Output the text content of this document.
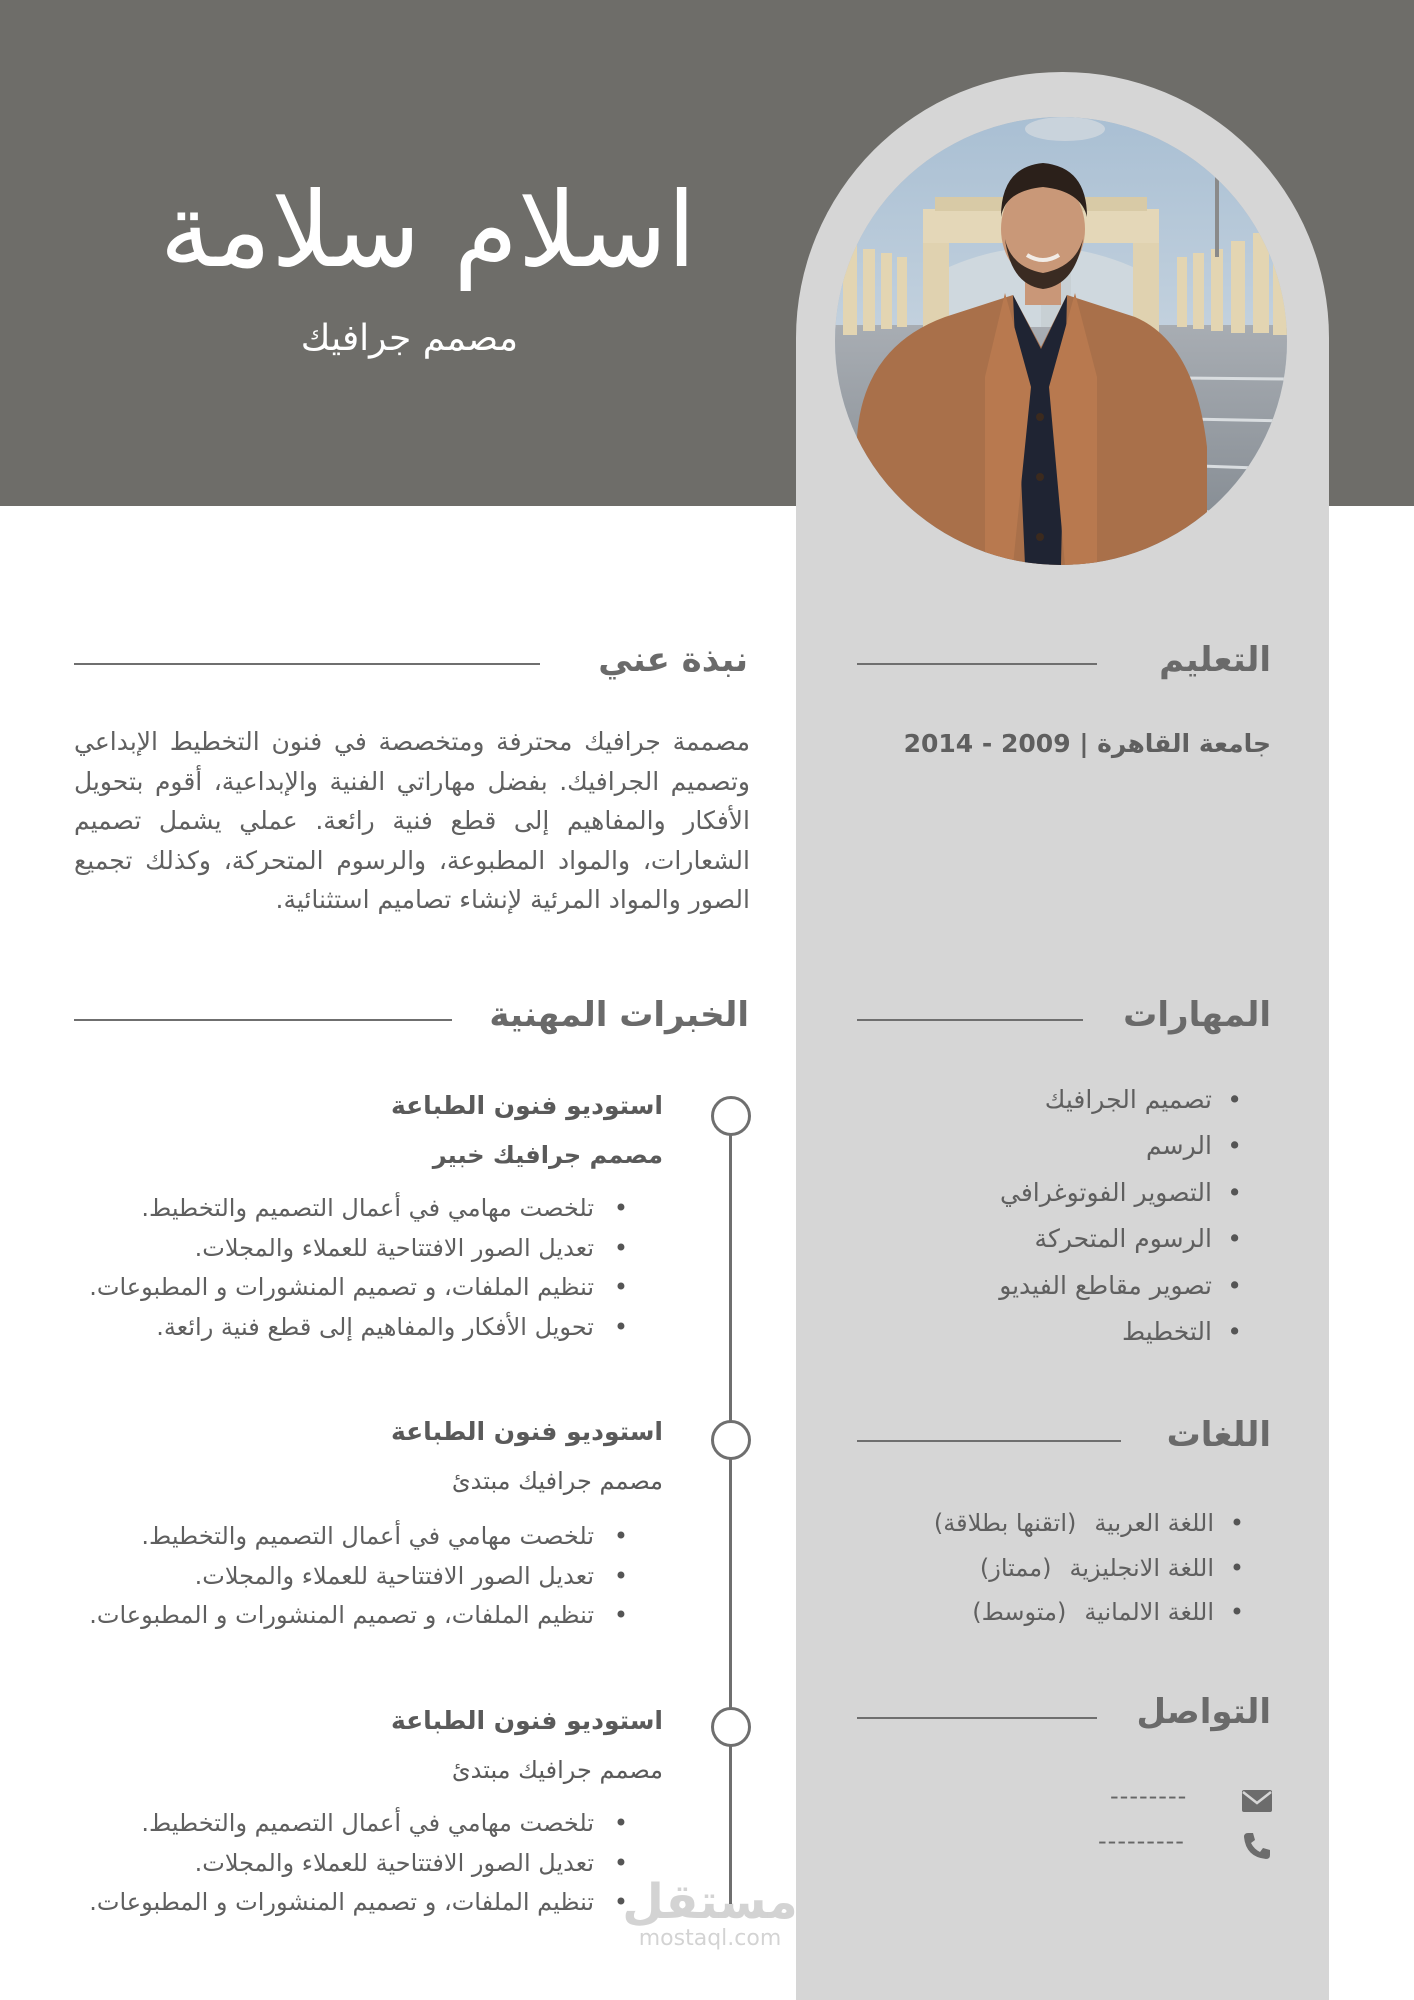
اسلام سلامة
مصمم جرافيك
التعليم
جامعة القاهرة | 2009 - 2014
نبذة عني
مصممة جرافيك محترفة ومتخصصة في فنون التخطيط الإبداعي وتصميم الجرافيك. بفضل مهاراتي الفنية والإبداعية، أقوم بتحويل الأفكار والمفاهيم إلى قطع فنية رائعة. عملي يشمل تصميم الشعارات، والمواد المطبوعة، والرسوم المتحركة، وكذلك تجميع الصور والمواد المرئية لإنشاء تصاميم استثنائية.
المهارات
• تصميم الجرافيك
• الرسم
• التصوير الفوتوغرافي
• الرسوم المتحركة
• تصوير مقاطع الفيديو
• التخطيط
اللغات
• اللغة العربية(اتقنها بطلاقة)
• اللغة الانجليزية(ممتاز)
• اللغة الالمانية(متوسط)
التواصل
--------
---------
الخبرات المهنية
استوديو فنون الطباعة
مصمم جرافيك خبير
• تلخصت مهامي في أعمال التصميم والتخطيط.
• تعديل الصور الافتتاحية للعملاء والمجلات.
• تنظيم الملفات، و تصميم المنشورات و المطبوعات.
• تحويل الأفكار والمفاهيم إلى قطع فنية رائعة.
استوديو فنون الطباعة
مصمم جرافيك مبتدئ
• تلخصت مهامي في أعمال التصميم والتخطيط.
• تعديل الصور الافتتاحية للعملاء والمجلات.
• تنظيم الملفات، و تصميم المنشورات و المطبوعات.
استوديو فنون الطباعة
مصمم جرافيك مبتدئ
• تلخصت مهامي في أعمال التصميم والتخطيط.
• تعديل الصور الافتتاحية للعملاء والمجلات.
• تنظيم الملفات، و تصميم المنشورات و المطبوعات. مستقل
mostaql.com
